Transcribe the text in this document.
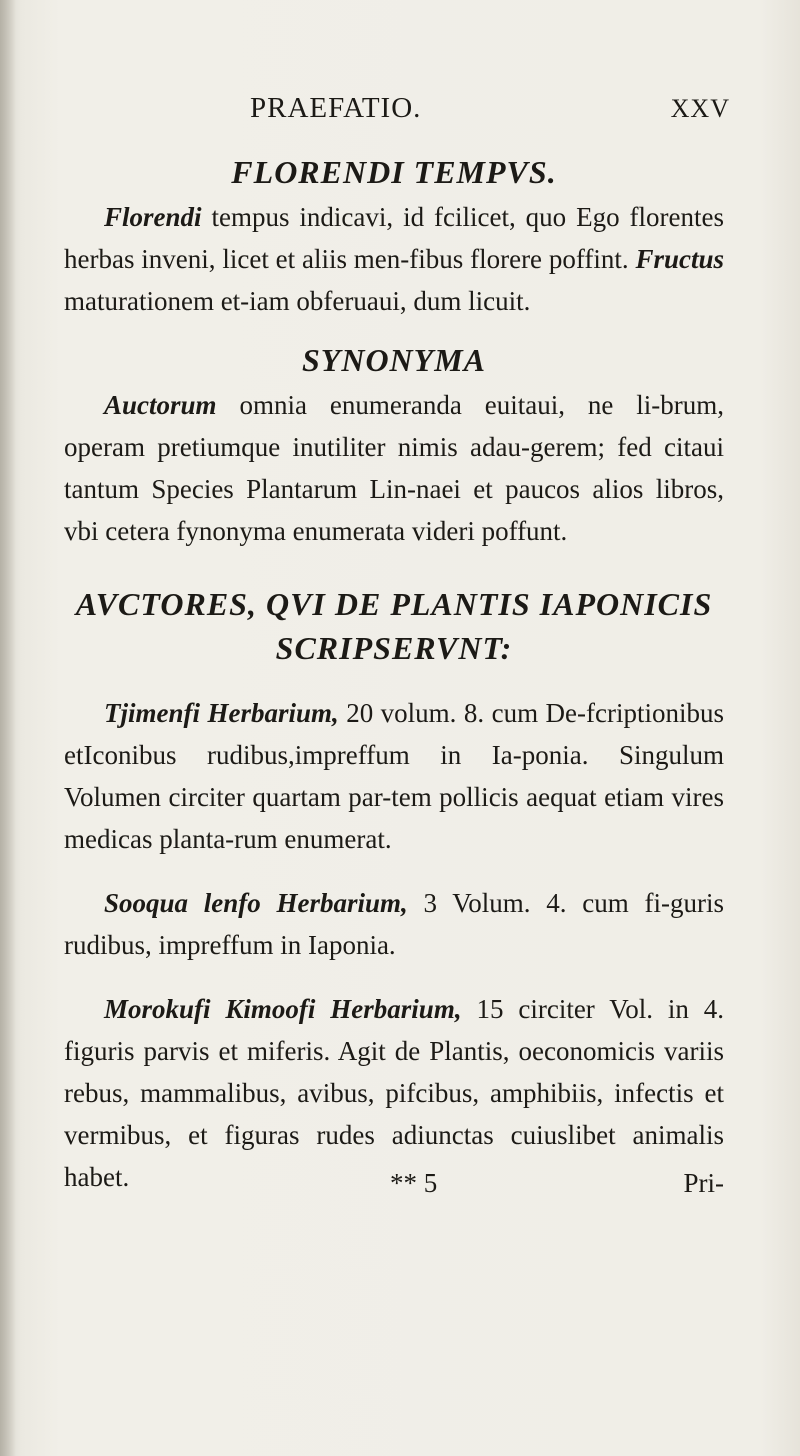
PRAEFATIO.	XXV
FLORENDI TEMPVS.

Florendi tempus indicavi, id fcilicet, quo Ego florentes herbas inveni, licet et aliis men-fibus florere poffint. Fructus maturationem et-iam obferuaui, dum licuit.

SYNONYMA

Auctorum omnia enumeranda euitaui, ne li-brum, operam pretiumque inutiliter nimis adau-gerem; fed citaui tantum Species Plantarum Lin-naei et paucos alios libros, vbi cetera fynonyma enumerata videri poffunt.

AVCTORES, QVI DE PLANTIS IAPONICIS SCRIPSERVNT:

Tjimenfi Herbarium, 20 volum. 8. cum De-fcriptionibus etIconibus rudibus,impreffum in Ia-ponia. Singulum Volumen circiter quartam par-tem pollicis aequat etiam vires medicas planta-rum enumerat.

Sooqua lenfo Herbarium, 3 Volum. 4. cum fi-guris rudibus, impreffum in Iaponia.

Morokufi Kimoofi Herbarium, 15 circiter Vol. in 4. figuris parvis et miferis. Agit de Plantis, oeconomicis variis rebus, mammalibus, avibus, pifcibus, amphibiis, infectis et vermibus, et figuras rudes adiunctas cuiuslibet animalis habet.	** 5	Pri-
